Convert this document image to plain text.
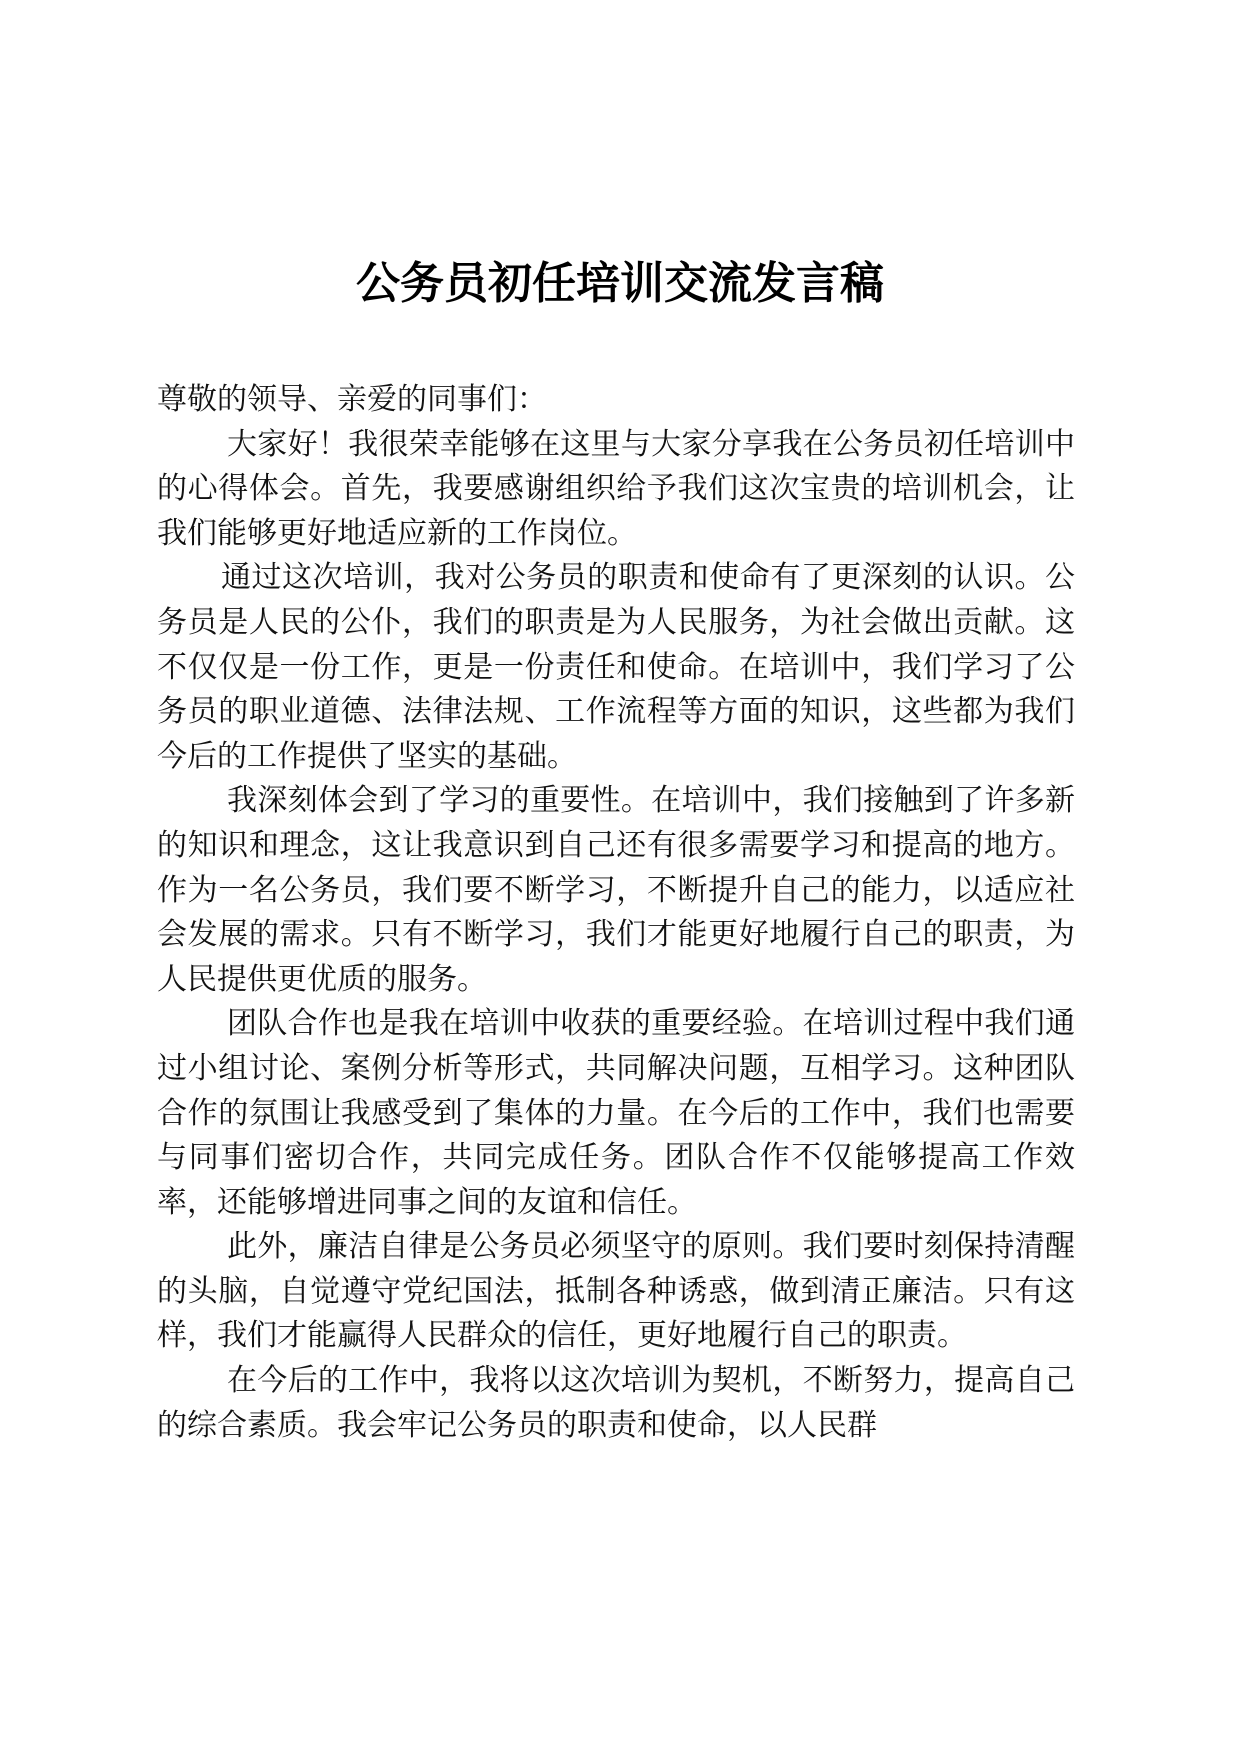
公务员初任培训交流发言稿

尊敬的领导、亲爱的同事们：

大家好！我很荣幸能够在这里与大家分享我在公务员初任培训中的心得体会。首先，我要感谢组织给予我们这次宝贵的培训机会，让我们能够更好地适应新的工作岗位。

通过这次培训，我对公务员的职责和使命有了更深刻的认识。公务员是人民的公仆，我们的职责是为人民服务，为社会做出贡献。这不仅仅是一份工作，更是一份责任和使命。在培训中，我们学习了公务员的职业道德、法律法规、工作流程等方面的知识，这些都为我们今后的工作提供了坚实的基础。

我深刻体会到了学习的重要性。在培训中，我们接触到了许多新的知识和理念，这让我意识到自己还有很多需要学习和提高的地方。作为一名公务员，我们要不断学习，不断提升自己的能力，以适应社会发展的需求。只有不断学习，我们才能更好地履行自己的职责，为人民提供更优质的服务。

团队合作也是我在培训中收获的重要经验。在培训过程中我们通过小组讨论、案例分析等形式，共同解决问题，互相学习。这种团队合作的氛围让我感受到了集体的力量。在今后的工作中，我们也需要与同事们密切合作，共同完成任务。团队合作不仅能够提高工作效率，还能够增进同事之间的友谊和信任。

此外，廉洁自律是公务员必须坚守的原则。我们要时刻保持清醒的头脑，自觉遵守党纪国法，抵制各种诱惑，做到清正廉洁。只有这样，我们才能赢得人民群众的信任，更好地履行自己的职责。

在今后的工作中，我将以这次培训为契机，不断努力，提高自己的综合素质。我会牢记公务员的职责和使命，以人民群
